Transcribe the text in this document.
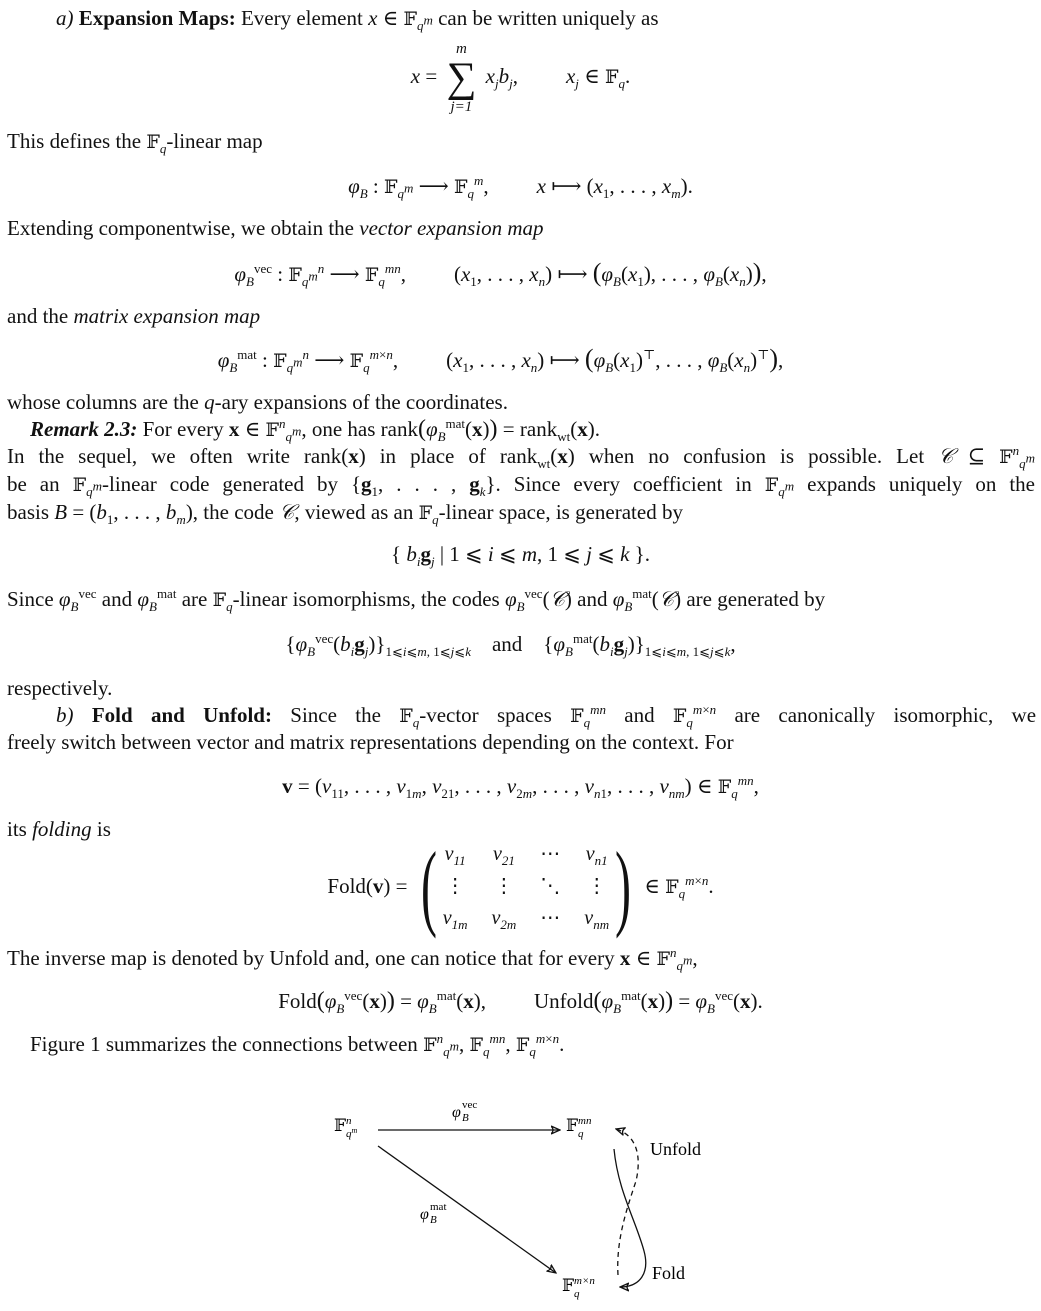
a) Expansion Maps: Every element x ∈ 𝔽$_{q^m}$ can be written uniquely as
x =
m
∑
j=1
$x_jb_j$, $x_j$ ∈ 𝔽$_q$.
This defines the 𝔽$_q$-linear map
$\varphi_B$ : 𝔽$_{q^m}$ ⟶ 𝔽$_q^m$, x ⟼ ($x_1$, . . . , $x_m$).
Extending componentwise, we obtain the vector expansion map
$\varphi_B^{vec}$ : 𝔽$_{q^m}^n$ ⟶ 𝔽$_q^{mn}$, ($x_1$, . . . , $x_n$) ⟼ ($\varphi_B(x_1)$, . . . , $\varphi_B(x_n)$),
and the matrix expansion map
$\varphi_B^{mat}$ : 𝔽$_{q^m}^n$ ⟶ 𝔽$_q^{m\times n}$, ($x_1$, . . . , $x_n$) ⟼ ($\varphi_B(x_1)^⊤$, . . . , $\varphi_B(x_n)^⊤$),
whose columns are the q-ary expansions of the coordinates.
Remark 2.3: For every x ∈ 𝔽$^n_{q^m}$, one has $rank(\varphi_B^{mat}(x))$ = rank$_{wt}$(x).
In the sequel, we often write rank(x) in place of rank$_{wt}$(x) when no confusion is possible. Let 𝒞 ⊆ 𝔽$^n_{q^m}$
be an 𝔽$_{q^m}$-linear code generated by {$g_1$, . . . , $g_k$}. Since every coefficient in 𝔽$_{q^m}$ expands uniquely on the
basis $B = (b_1$, . . . , $b_m$), the code 𝒞, viewed as an 𝔽$_q$-linear space, is generated by
{ $b_ig_j$ | 1 ⩽ i ⩽ m, 1 ⩽ j ⩽ k }.
Since $\varphi_B^{vec}$ and $\varphi_B^{mat}$ are 𝔽$_q$-linear isomorphisms, the codes $\varphi_B^{vec}(𝒞)$ and $\varphi_B^{mat}(𝒞)$ are generated by
$\{\varphi_B^{vec}(b_ig_j)\}_{1⩽i⩽m, 1⩽j⩽k}$    and    $\{\varphi_B^{mat}(b_ig_j)\}_{1⩽i⩽m, 1⩽j⩽k}$,
respectively.
b) Fold and Unfold: Since the 𝔽$_q$-vector spaces 𝔽$_q^{mn}$ and 𝔽$_q^{m\times n}$ are canonically isomorphic, we
freely switch between vector and matrix representations depending on the context. For
$v = (v_{11}$, . . . , $v_{1m}$, $v_{21}$, . . . , $v_{2m}$, . . . , $v_{n1}$, . . . , $v_{nm}$) ∈ 𝔽$_q^{mn}$,
its folding is
Fold(v) = ( $v_{11}$	$v_{21}$	⋯	$v_{n1}$
⋮	⋮	⋱	⋮
$v_{1m}$	$v_{2m}$	⋯	$v_{nm}$ ) ∈ 𝔽$_q^{m\times n}$.
The inverse map is denoted by Unfold and, one can notice that for every x ∈ 𝔽$^n_{q^m}$,
$Fold(\varphi_B^{vec}(x)) = \varphi_B^{mat}(x)$, $Unfold(\varphi_B^{mat}(x)) = \varphi_B^{vec}(x)$.
Figure 1 summarizes the connections between 𝔽$^n_{q^m}$, 𝔽$_q^{mn}$, 𝔽$_q^{m\times n}$.
𝔽 n
$q^m$	𝔽 mn
q
𝔽 m×n
q
φ B
vec
φ B
mat
Unfold
Fold
